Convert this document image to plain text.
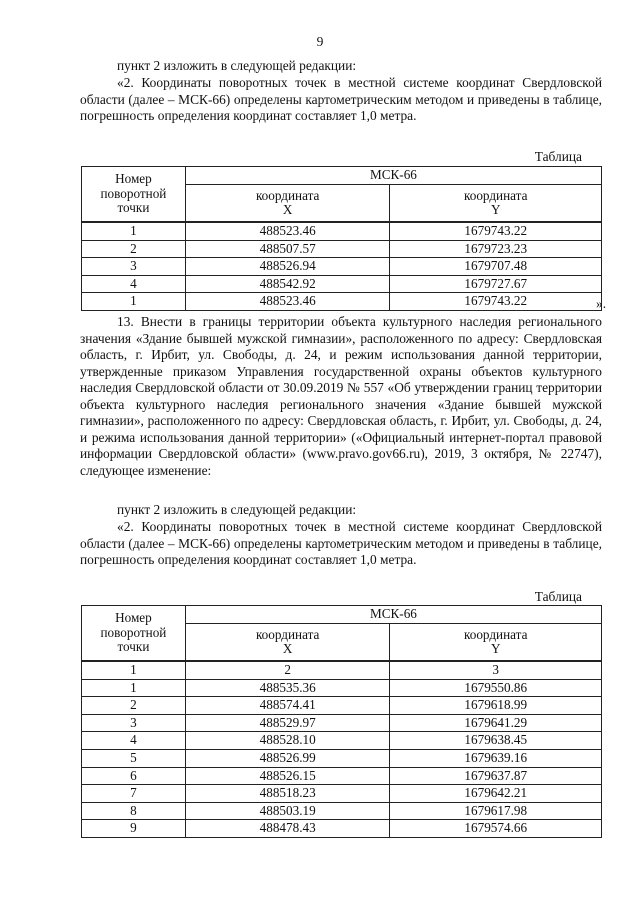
9
пункт 2 изложить в следующей редакции:
«2. Координаты поворотных точек в местной системе координат Свердловской области (далее – МСК-66) определены картометрическим методом и приведены в таблице, погрешность определения координат составляет 1,0 метра.
Таблица
Номер поворотной точки	МСК-66	

	координата X	координата Y

1	488523.46	1679743.22
2	488507.57	1679723.23
3	488526.94	1679707.48
4	488542.92	1679727.67
1	488523.46	1679743.22	».
13. Внести в границы территории объекта культурного наследия регионального значения «Здание бывшей мужской гимназии», расположенного по адресу: Свердловская область, г. Ирбит, ул. Свободы, д. 24, и режим использования данной территории, утвержденные приказом Управления государственной охраны объектов культурного наследия Свердловской области от 30.09.2019 № 557 «Об утверждении границ территории объекта культурного наследия регионального значения «Здание бывшей мужской гимназии», расположенного по адресу: Свердловская область, г. Ирбит, ул. Свободы, д. 24, и режима использования данной территории» («Официальный интернет-портал правовой информации Свердловской области» (www.pravo.gov66.ru), 2019, 3 октября, № 22747), следующее изменение:
пункт 2 изложить в следующей редакции:
«2. Координаты поворотных точек в местной системе координат Свердловской области (далее – МСК-66) определены картометрическим методом и приведены в таблице, погрешность определения координат составляет 1,0 метра.
Таблица
Номер поворотной точки	МСК-66	

	координата X	координата Y

1	2	3
1	488535.36	1679550.86
2	488574.41	1679618.99
3	488529.97	1679641.29
4	488528.10	1679638.45
5	488526.99	1679639.16
6	488526.15	1679637.87
7	488518.23	1679642.21
8	488503.19	1679617.98
9	488478.43	1679574.66
